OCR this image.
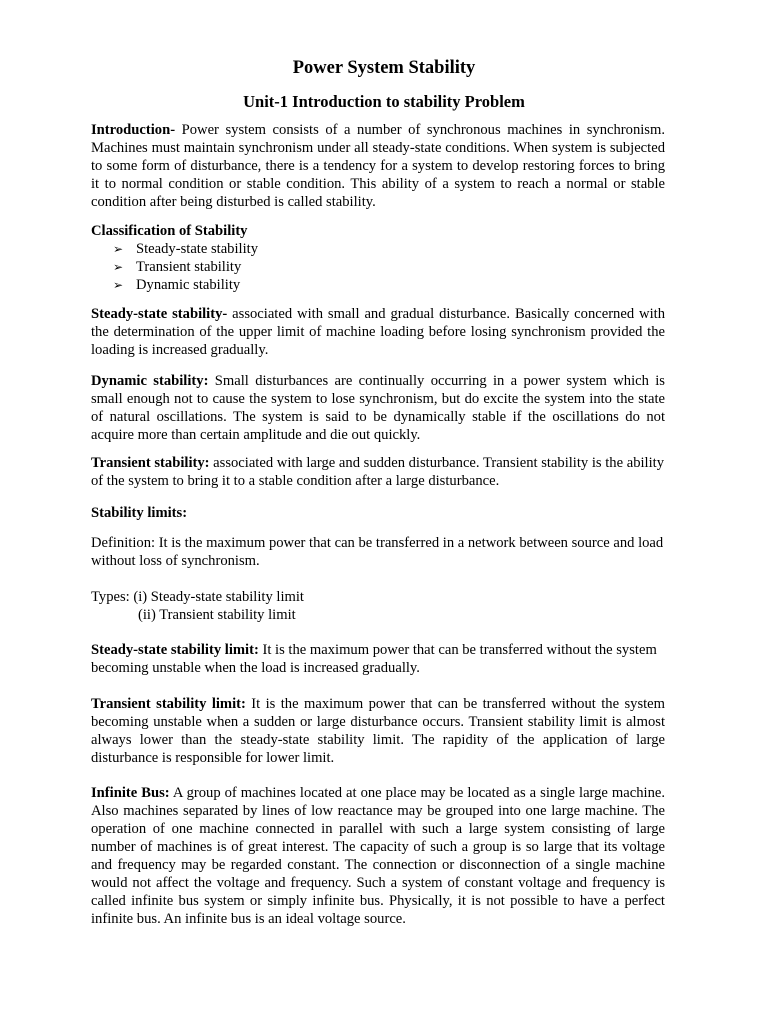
Power System Stability
Unit-1 Introduction to stability Problem
Introduction- Power system consists of a number of synchronous machines in synchronism. Machines must maintain synchronism under all steady-state conditions. When system is subjected to some form of disturbance, there is a tendency for a system to develop restoring forces to bring it to normal condition or stable condition. This ability of a system to reach a normal or stable condition after being disturbed is called stability.
Classification of Stability
➢ Steady-state stability
➢ Transient stability
➢ Dynamic stability
Steady-state stability- associated with small and gradual disturbance. Basically concerned with the determination of the upper limit of machine loading before losing synchronism provided the loading is increased gradually.
Dynamic stability: Small disturbances are continually occurring in a power system which is small enough not to cause the system to lose synchronism, but do excite the system into the state of natural oscillations. The system is said to be dynamically stable if the oscillations do not acquire more than certain amplitude and die out quickly.
Transient stability: associated with large and sudden disturbance. Transient stability is the ability of the system to bring it to a stable condition after a large disturbance.
Stability limits:
Definition: It is the maximum power that can be transferred in a network between source and load without loss of synchronism.
Types: (i) Steady-state stability limit
(ii) Transient stability limit
Steady-state stability limit: It is the maximum power that can be transferred without the system becoming unstable when the load is increased gradually.
Transient stability limit: It is the maximum power that can be transferred without the system becoming unstable when a sudden or large disturbance occurs. Transient stability limit is almost always lower than the steady-state stability limit. The rapidity of the application of large disturbance is responsible for lower limit.
Infinite Bus: A group of machines located at one place may be located as a single large machine. Also machines separated by lines of low reactance may be grouped into one large machine. The operation of one machine connected in parallel with such a large system consisting of large number of machines is of great interest. The capacity of such a group is so large that its voltage and frequency may be regarded constant. The connection or disconnection of a single machine would not affect the voltage and frequency. Such a system of constant voltage and frequency is called infinite bus system or simply infinite bus. Physically, it is not possible to have a perfect infinite bus. An infinite bus is an ideal voltage source.
